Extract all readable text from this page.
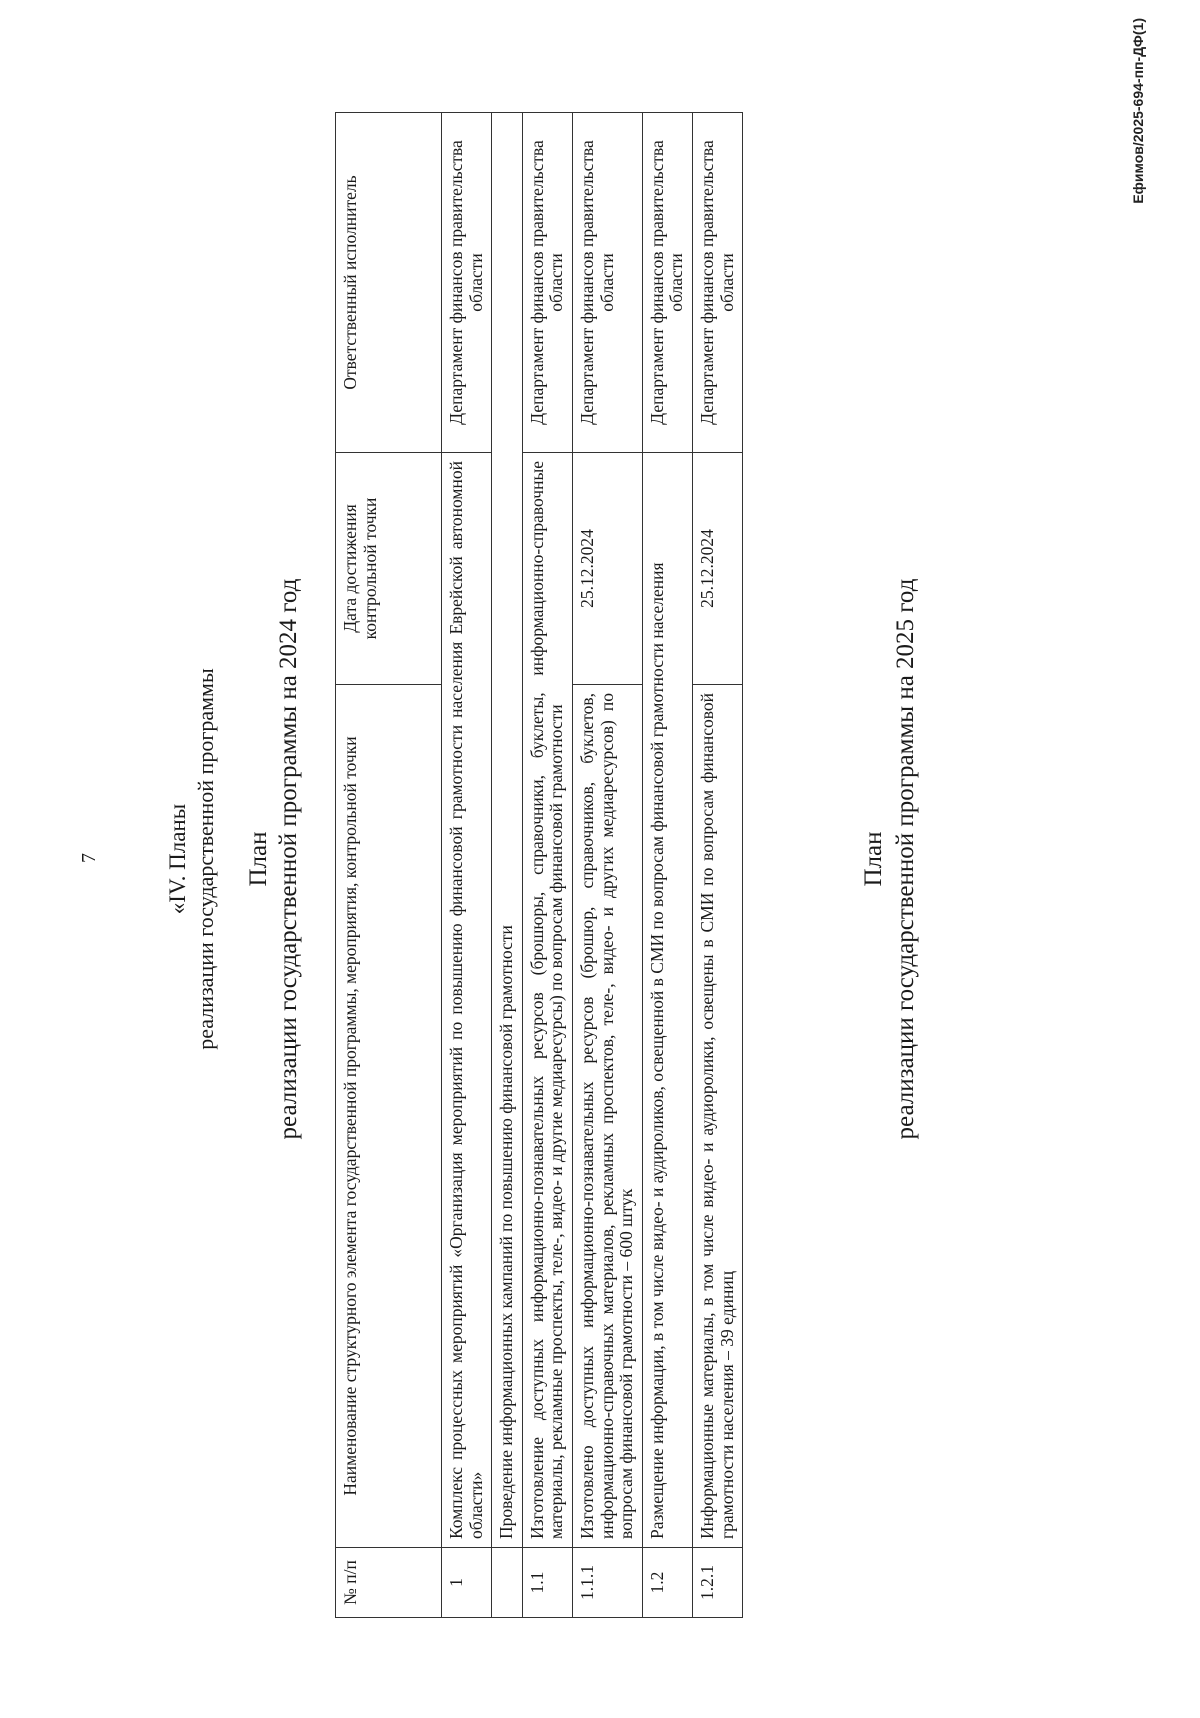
7	«IV. Планы реализации государственной программы План реализации государственной программы на 2024 год
№ п/п	Наименование структурного элемента государственной программы, мероприятия, контрольной точки	Дата достижения контрольной точки	Ответственный исполнитель
1	Комплекс процессных мероприятий «Организация мероприятий по повышению финансовой грамотности населения Еврейской автономной области»		Департамент финансов правительства области
	Проведение информационных кампаний по повышению финансовой грамотности		
1.1	Изготовление доступных информационно-познавательных ресурсов (брошюры, справочники, буклеты, информационно-справочные материалы, рекламные проспекты, теле-, видео- и другие медиаресурсы) по вопросам финансовой грамотности		Департамент финансов правительства области
1.1.1	Изготовлено доступных информационно-познавательных ресурсов (брошюр, справочников, буклетов, информационно-справочных материалов, рекламных проспектов, теле-, видео- и других медиаресурсов) по вопросам финансовой грамотности – 600 штук	25.12.2024	Департамент финансов правительства области
1.2	Размещение информации, в том числе видео- и аудироликов, освещенной в СМИ по вопросам финансовой грамотности населения		Департамент финансов правительства области
1.2.1	Информационные материалы, в том числе видео- и аудиоролики, освещены в СМИ по вопросам финансовой грамотности населения – 39 единиц	25.12.2024	Департамент финансов правительства области
План реализации государственной программы на 2025 год
Ефимов/2025-694-пп-ДФ(1)
